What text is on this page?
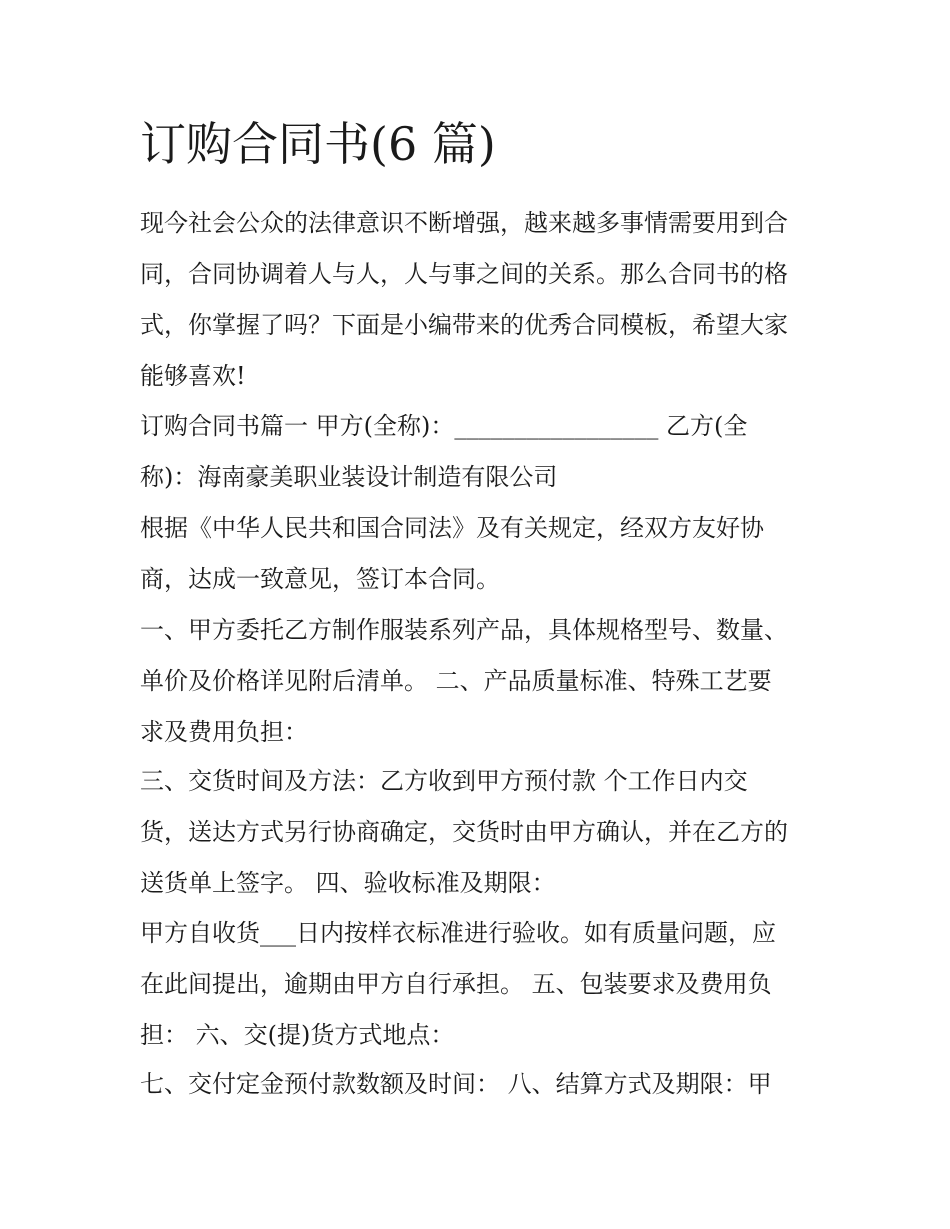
订购合同书(6 篇)
现今社会公众的法律意识不断增强，越来越多事情需要用到合
同，合同协调着人与人，人与事之间的关系。那么合同书的格
式，你掌握了吗？下面是小编带来的优秀合同模板，希望大家
能够喜欢!
订购合同书篇一 甲方(全称)：_________________ 乙方(全
称)：海南豪美职业装设计制造有限公司
根据《中华人民共和国合同法》及有关规定，经双方友好协
商，达成一致意见，签订本合同。
一、甲方委托乙方制作服装系列产品，具体规格型号、数量、
单价及价格详见附后清单。 二、产品质量标准、特殊工艺要
求及费用负担：
三、交货时间及方法：乙方收到甲方预付款 个工作日内交
货，送达方式另行协商确定，交货时由甲方确认，并在乙方的
送货单上签字。 四、验收标准及期限：
甲方自收货___日内按样衣标准进行验收。如有质量问题，应
在此间提出，逾期由甲方自行承担。 五、包装要求及费用负
担： 六、交(提)货方式地点：
七、交付定金预付款数额及时间： 八、结算方式及期限：甲
